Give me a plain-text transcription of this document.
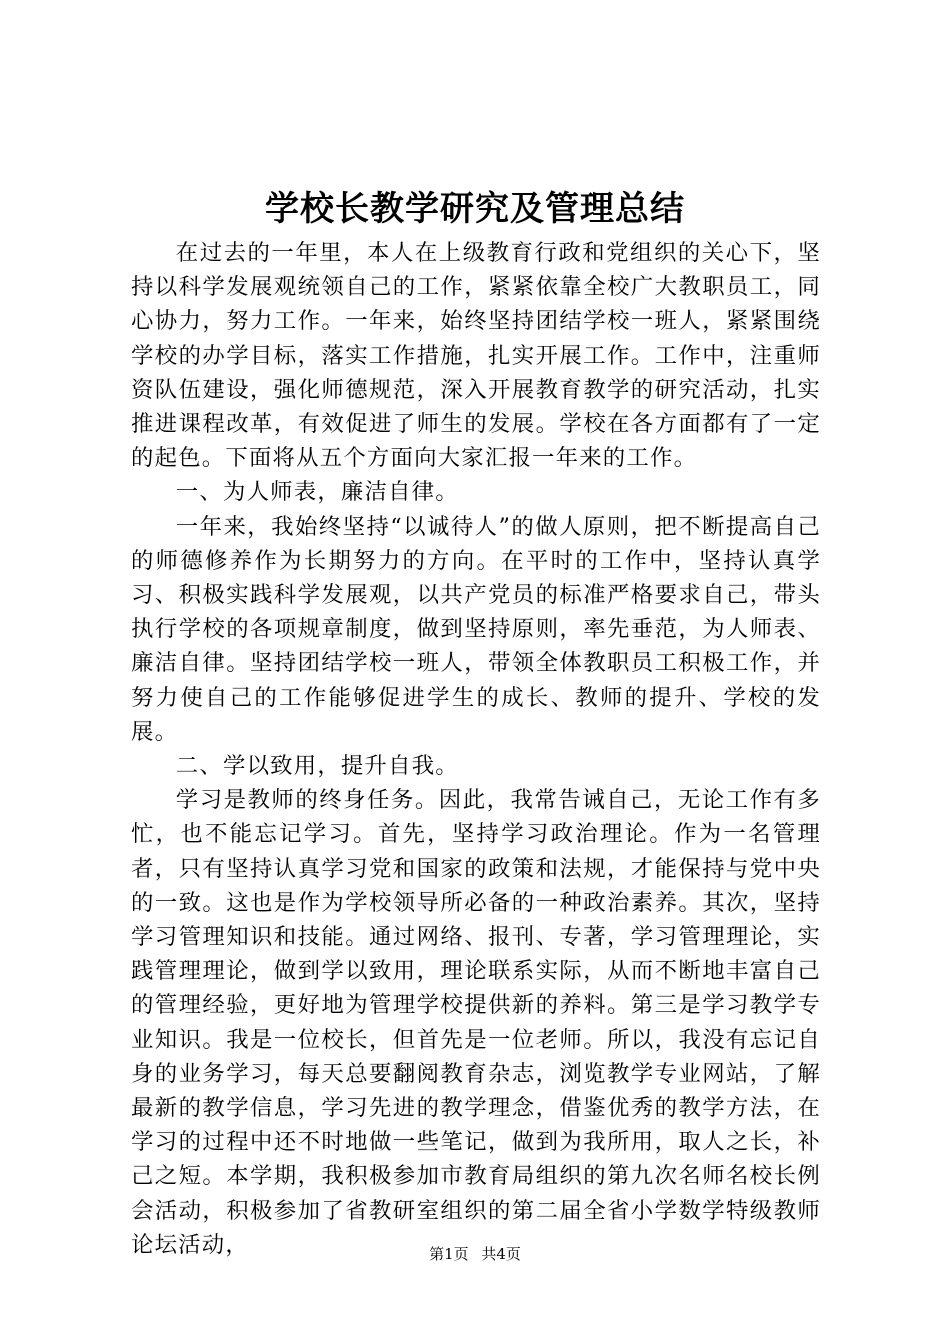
学校长教学研究及管理总结

在过去的一年里，本人在上级教育行政和党组织的关心下，坚持以科学发展观统领自己的工作，紧紧依靠全校广大教职员工，同心协力，努力工作。一年来，始终坚持团结学校一班人，紧紧围绕学校的办学目标，落实工作措施，扎实开展工作。工作中，注重师资队伍建设，强化师德规范，深入开展教育教学的研究活动，扎实推进课程改革，有效促进了师生的发展。学校在各方面都有了一定的起色。下面将从五个方面向大家汇报一年来的工作。

一、为人师表，廉洁自律。

一年来，我始终坚持“以诚待人”的做人原则，把不断提高自己的师德修养作为长期努力的方向。在平时的工作中，坚持认真学习、积极实践科学发展观，以共产党员的标准严格要求自己，带头执行学校的各项规章制度，做到坚持原则，率先垂范，为人师表、廉洁自律。坚持团结学校一班人，带领全体教职员工积极工作，并努力使自己的工作能够促进学生的成长、教师的提升、学校的发展。

二、学以致用，提升自我。

学习是教师的终身任务。因此，我常告诫自己，无论工作有多忙，也不能忘记学习。首先，坚持学习政治理论。作为一名管理者，只有坚持认真学习党和国家的政策和法规，才能保持与党中央的一致。这也是作为学校领导所必备的一种政治素养。其次，坚持学习管理知识和技能。通过网络、报刊、专著，学习管理理论，实践管理理论，做到学以致用，理论联系实际，从而不断地丰富自己的管理经验，更好地为管理学校提供新的养料。第三是学习教学专业知识。我是一位校长，但首先是一位老师。所以，我没有忘记自身的业务学习，每天总要翻阅教育杂志，浏览教学专业网站，了解最新的教学信息，学习先进的教学理念，借鉴优秀的教学方法，在学习的过程中还不时地做一些笔记，做到为我所用，取人之长，补己之短。本学期，我积极参加市教育局组织的第九次名师名校长例会活动，积极参加了省教研室组织的第二届全省小学数学特级教师论坛活动，	第1页 共4页
